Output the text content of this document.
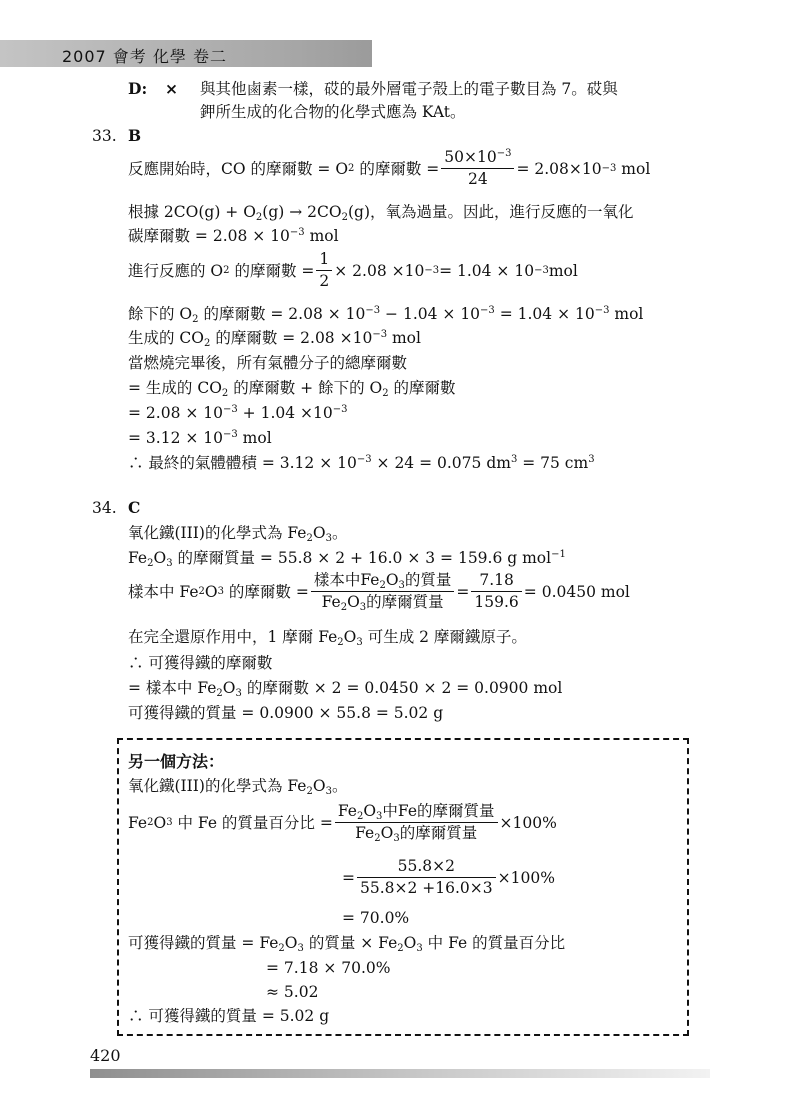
2007 會考 化學 卷二
D: × 與其他鹵素一樣，砹的最外層電子殼上的電子數目為 7。砹與
鉀所生成的化合物的化學式應為 KAt。
33. B
反應開始時，CO 的摩爾數 = O 2
的摩爾數 = $\frac{50\times 10^{-3}}{24} = 2.08\times 10 -3$
mol
根據 $2CO(g) + O_2(g) \to 2CO_2(g)$，氧為過量。因此，進行反應的一氧化
碳摩爾數 = $2.08 \times 10^{-3}$ mol
進行反應的 O 2
的摩爾數 = $\frac{1}{2} \times 2.08 \times 10 -3 = 1.04 \times 10 -3$ mol
餘下的 $O_2$ 的摩爾數 = $2.08 \times 10^{-3} - 1.04 \times 10^{-3} = 1.04 \times 10^{-3}$ mol
生成的 $CO_2$ 的摩爾數 = $2.08 \times 10^{-3}$ mol
當燃燒完畢後，所有氣體分子的總摩爾數
= 生成的 $CO_2$ 的摩爾數 + 餘下的 $O_2$ 的摩爾數
= $2.08 \times 10^{-3} + 1.04 \times 10^{-3}$
= $3.12 \times 10^{-3}$ mol
∴ 最終的氣體體積 = $3.12 \times 10^{-3} \times 24 = 0.075$ $dm^3 = 75$ $cm^3$
34. C
氧化鐵(III)的化學式為 $Fe_2O_3$。
$Fe_2O_3$ 的摩爾質量 = 55.8 × 2 + 16.0 × 3 = 159.6 g mol$^{-1}$
樣本中 Fe 2 O 3
的摩爾數 = $\frac{樣本中Fe_2O_3的質量}{Fe_2O_3的摩爾質量} = \frac{7.18}{159.6} = 0.0450$ mol
在完全還原作用中，1 摩爾 $Fe_2O_3$ 可生成 2 摩爾鐵原子。
∴ 可獲得鐵的摩爾數
= 樣本中 $Fe_2O_3$ 的摩爾數 × 2 = 0.0450 × 2 = 0.0900 mol
可獲得鐵的質量 = 0.0900 × 55.8 = 5.02 g
另一個方法：
氧化鐵(III)的化學式為 $Fe_2O_3$。
Fe 2 O 3
中 Fe 的質量百分比 = $\frac{Fe_2O_3中Fe的摩爾質量}{Fe_2O_3的摩爾質量} \times 100\%$
= $\frac{55.8\times 2}{55.8\times 2 +16.0\times 3} \times 100\%$
= 70.0%
可獲得鐵的質量 = $Fe_2O_3$ 的質量 × $Fe_2O_3$ 中 Fe 的質量百分比
= 7.18 × 70.0%
≈ 5.02
∴ 可獲得鐵的質量 = 5.02 g
420
